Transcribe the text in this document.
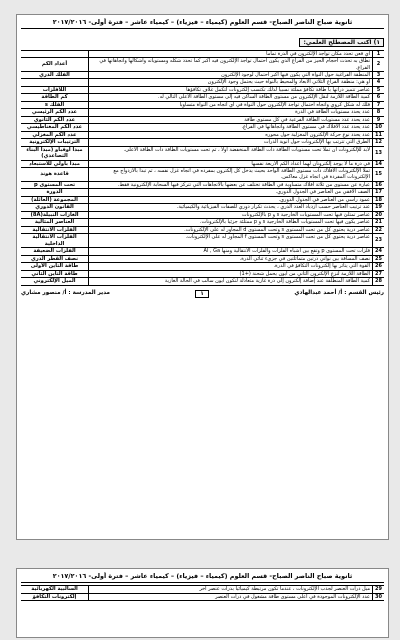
ثانوية صباح الناصر الصباح- قسم العلوم (كيمياء – فيزياء) – كيمياء عاشر – فترة أولى- ٢٠١٧/٢٠١٦
١) اكتب المصطلح العلمي:
1
أي فعن تحدد مكان تواجد الإلكترون في الذرة تماما
2
نطاق به تحدث أحجام الحيز من الفراغ الذي يكون احتمال تواجد الإلكترون فيه أكبر كما تحدد شكله ومستوياته وأشكالها واتجاهاتها في الفراغ.
أعداد الكم
3
المنطقة الفراغية حول النواة التي يكون فيها أكبر احتمال لوجود الإلكترون
الفلك الذري
4
أو هي: منطقة الفراغ الثلاثي الأبعاد والمحيط بالنواة حيث يحتمل وجود الإلكترون
5
عناصر تتميز ذراتها بأ طاقة تكافؤ مملئة نسبيا لذلك تكتسب إلكترونات لتكمل غلاف تكافؤها
اللافلزات
6
كمية الطاقة اللازمة لنقل الإلكترون من مستوى الطاقة الساكن فيه إلى مستوى الطاقة الأعلى التالي له.
كم الطاقة
7
فلك له شكل كروي واتجاه احتمال تواجد الإلكترون حول النواة في أي اتجاه من النواة متساويا
الفلك s
8
عدد يحدد مستويات الطاقة في الذرة
عدد الكم الرئيسي
9
عدد يحدد عدد مستويات الطاقة الفرعية في كل مستوى طاقة
عدد الكم الثانوي
10
عدد يحدد عدد الأفلاك في مستوى الطاقة واتجاهاتها في الفراغ.
عدد الكم المغناطيسي
11
عدد يحدد نوع حركة الإلكترون المغزلية حول محوره
عدد الكم المغزلي
12
الطرق التي تترتب بها الإلكترونات حول أنوية الذرات
الترتيبات الإلكترونية
13
لابد للإلكترونات أن تملأ تحت مستويات الطاقة ذات الطاقة المنخفضة أولا ، ثم تحت مستويات الطاقة ذات الطاقة الأعلى.
مبدأ أوفباو (مبدأ البناء التصاعدي)
14
في ذرة ما لا يوجد إلكترونان لهما أعداد الكم الأربعة نفسها
مبدأ باولي للاستبعاد
15
تملأ الإلكترونات الأفلاك ذات مستوى الطاقة الواحد بحيث يدخل كل إلكترون بمفرده في اتجاه غزل نفسه ، ثم تبدأ بالازدواج مع الإلكترونات المفردة في اتجاه غزل معاكس.
قاعدة هوند
16
عبارة عن مستوى من ثلاثة أفلاك متساوية في الطاقة تختلف عن بعضها بالاتجاهات التي تتركز فيها السحابة الإلكترونية فقط.
تحت المستوى p
17
الصف الأفقي من العناصر في الجدول الدوري.
الدورة
18
عمود رأسي من العناصر في الجدول الدوري.
المجموعة (العائلة)
19
عند ترتيب العناصر حسب ازدياد العدد الذري ، يحدث تكرار دوري للصفات الفيزيائية والكيميائية.
القانون الدوري
20
عناصر تمتلئ فيها تحت المستويات الخارجية s و p بالإلكترونات
الغازات النبيلة(8A)
21
عناصر يكون فيها تحت المستويات الطاقة الخارجية s و p ممتلئة جزئيا بالإلكترونات.
العناصر المثالية
22
عناصر ذرية يحتوي كل من تحت المستوى s وتحت المستوى d المجاور له على الإلكترونات.
الفلزات الانتقالية
23
عناصر ذرية يحتوي كل من تحت المستوى s وتحت المستوى f المجاور له على الإلكترونات.
الفلزات الانتقالية الداخلية
24
فلزات تحت المستوى p وتقع بين أشباه الفلزات والفلزات الانتقالية ومنها Al , Ga
الفلزات الضعيفة
25
نصف المسافة بين نواتي ذرتين متماثلتين في جزيء ثنائي الذرة.
نصف القطر الذري
26
القوة التي يتأثر بها إلكترونات التكافؤ في الذرة.
طاقة التأين الأولى
27
الطاقة اللازمة لنزع الإلكترون الثاني من أيون يحمل شحنة (+1)
طاقة التأين الثاني
28
كمية الطاقة المنطلقة عند إضافة إلكترون إلى ذرة غازية متعادلة لتكون أيون سالب في الحالة الغازية
الميل الإلكتروني
رئيس القسم : أ/ أحمد عبدالهادي
١
مدير المدرسة : أ/ منصور مشاري
ثانوية صباح الناصر الصباح- قسم العلوم (كيمياء – فيزياء) – كيمياء عاشر – فترة أولى- ٢٠١٧/٢٠١٦
29
ميل ذرات العنصر لجذب الإلكترونات ، عندما تكون مرتبطة كيميائيا بذرات عنصر آخر
السالبية الكهربائية
30
عدد الإلكترونات الموجودة في أعلى مستوى طاقة مشغول في ذرات العنصر
إلكترونات التكافؤ
